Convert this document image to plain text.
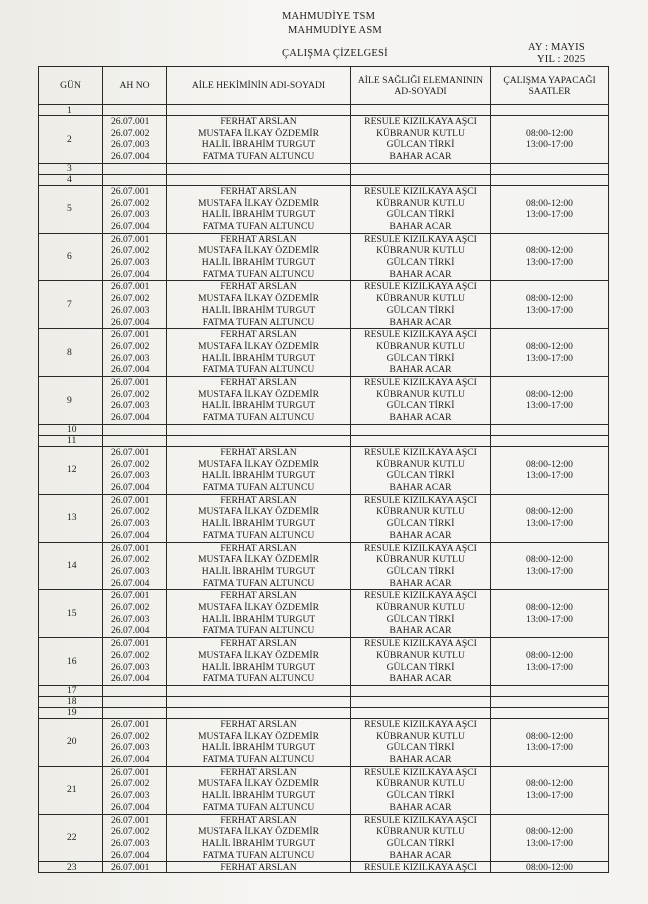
MAHMUDİYE TSM
MAHMUDİYE ASM
ÇALIŞMA ÇİZELGESİ
AY : MAYIS
YIL : 2025
GÜN	AH NO	AİLE HEKİMİNİN ADI-SOYADI	AİLE SAĞLIĞI ELEMANININ AD-SOYADI	ÇALIŞMA YAPACAĞI SAATLER
1				
2	26.07.001
26.07.002
26.07.003
26.07.004	FERHAT ARSLAN
MUSTAFA İLKAY ÖZDEMİR
HALİL İBRAHİM TURGUT
FATMA TUFAN ALTUNCU	RESULE KIZILKAYA AŞCI
KÜBRANUR KUTLU
GÜLCAN TİRKİ
BAHAR ACAR	08:00-12:00
13:00-17:00

3				
4				
5	26.07.001
26.07.002
26.07.003
26.07.004	FERHAT ARSLAN
MUSTAFA İLKAY ÖZDEMİR
HALİL İBRAHİM TURGUT
FATMA TUFAN ALTUNCU	RESULE KIZILKAYA AŞCI
KÜBRANUR KUTLU
GÜLCAN TİRKİ
BAHAR ACAR	08:00-12:00
13:00-17:00

6	26.07.001
26.07.002
26.07.003
26.07.004	FERHAT ARSLAN
MUSTAFA İLKAY ÖZDEMİR
HALİL İBRAHİM TURGUT
FATMA TUFAN ALTUNCU	RESULE KIZILKAYA AŞCI
KÜBRANUR KUTLU
GÜLCAN TİRKİ
BAHAR ACAR	08:00-12:00
13:00-17:00

7	26.07.001
26.07.002
26.07.003
26.07.004	FERHAT ARSLAN
MUSTAFA İLKAY ÖZDEMİR
HALİL İBRAHİM TURGUT
FATMA TUFAN ALTUNCU	RESULE KIZILKAYA AŞCI
KÜBRANUR KUTLU
GÜLCAN TİRKİ
BAHAR ACAR	08:00-12:00
13:00-17:00

8	26.07.001
26.07.002
26.07.003
26.07.004	FERHAT ARSLAN
MUSTAFA İLKAY ÖZDEMİR
HALİL İBRAHİM TURGUT
FATMA TUFAN ALTUNCU	RESULE KIZILKAYA AŞCI
KÜBRANUR KUTLU
GÜLCAN TİRKİ
BAHAR ACAR	08:00-12:00
13:00-17:00

9	26.07.001
26.07.002
26.07.003
26.07.004	FERHAT ARSLAN
MUSTAFA İLKAY ÖZDEMİR
HALİL İBRAHİM TURGUT
FATMA TUFAN ALTUNCU	RESULE KIZILKAYA AŞCI
KÜBRANUR KUTLU
GÜLCAN TİRKİ
BAHAR ACAR	08:00-12:00
13:00-17:00

10				
11				
12	26.07.001
26.07.002
26.07.003
26.07.004	FERHAT ARSLAN
MUSTAFA İLKAY ÖZDEMİR
HALİL İBRAHİM TURGUT
FATMA TUFAN ALTUNCU	RESULE KIZILKAYA AŞCI
KÜBRANUR KUTLU
GÜLCAN TİRKİ
BAHAR ACAR	08:00-12:00
13:00-17:00

13	26.07.001
26.07.002
26.07.003
26.07.004	FERHAT ARSLAN
MUSTAFA İLKAY ÖZDEMİR
HALİL İBRAHİM TURGUT
FATMA TUFAN ALTUNCU	RESULE KIZILKAYA AŞCI
KÜBRANUR KUTLU
GÜLCAN TİRKİ
BAHAR ACAR	08:00-12:00
13:00-17:00

14	26.07.001
26.07.002
26.07.003
26.07.004	FERHAT ARSLAN
MUSTAFA İLKAY ÖZDEMİR
HALİL İBRAHİM TURGUT
FATMA TUFAN ALTUNCU	RESULE KIZILKAYA AŞCI
KÜBRANUR KUTLU
GÜLCAN TİRKİ
BAHAR ACAR	08:00-12:00
13:00-17:00

15	26.07.001
26.07.002
26.07.003
26.07.004	FERHAT ARSLAN
MUSTAFA İLKAY ÖZDEMİR
HALİL İBRAHİM TURGUT
FATMA TUFAN ALTUNCU	RESULE KIZILKAYA AŞCI
KÜBRANUR KUTLU
GÜLCAN TİRKİ
BAHAR ACAR	08:00-12:00
13:00-17:00

16	26.07.001
26.07.002
26.07.003
26.07.004	FERHAT ARSLAN
MUSTAFA İLKAY ÖZDEMİR
HALİL İBRAHİM TURGUT
FATMA TUFAN ALTUNCU	RESULE KIZILKAYA AŞCI
KÜBRANUR KUTLU
GÜLCAN TİRKİ
BAHAR ACAR	08:00-12:00
13:00-17:00

17				
18				
19				
20	26.07.001
26.07.002
26.07.003
26.07.004	FERHAT ARSLAN
MUSTAFA İLKAY ÖZDEMİR
HALİL İBRAHİM TURGUT
FATMA TUFAN ALTUNCU	RESULE KIZILKAYA AŞCI
KÜBRANUR KUTLU
GÜLCAN TİRKİ
BAHAR ACAR	08:00-12:00
13:00-17:00

21	26.07.001
26.07.002
26.07.003
26.07.004	FERHAT ARSLAN
MUSTAFA İLKAY ÖZDEMİR
HALİL İBRAHİM TURGUT
FATMA TUFAN ALTUNCU	RESULE KIZILKAYA AŞCI
KÜBRANUR KUTLU
GÜLCAN TİRKİ
BAHAR ACAR	08:00-12:00
13:00-17:00

22	26.07.001
26.07.002
26.07.003
26.07.004	FERHAT ARSLAN
MUSTAFA İLKAY ÖZDEMİR
HALİL İBRAHİM TURGUT
FATMA TUFAN ALTUNCU	RESULE KIZILKAYA AŞCI
KÜBRANUR KUTLU
GÜLCAN TİRKİ
BAHAR ACAR	08:00-12:00
13:00-17:00

23	26.07.001	FERHAT ARSLAN	RESULE KIZILKAYA AŞCI	08:00-12:00
